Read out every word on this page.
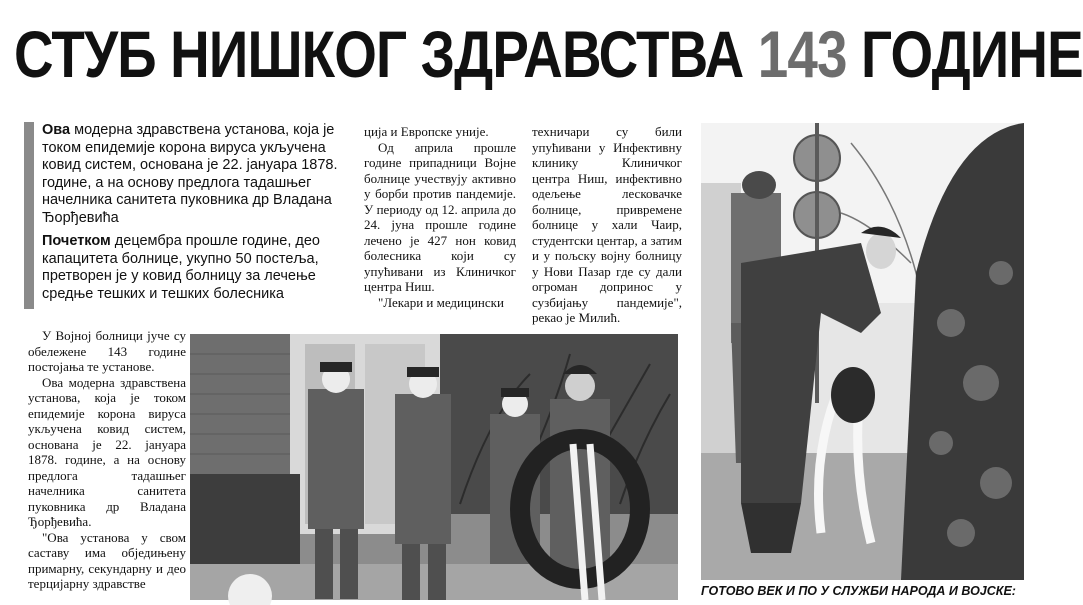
СТУБ НИШКОГ ЗДРАВСТВА 143 ГОДИНЕ

Ова модерна здравствена установа, која је током епидемије корона вируса укључена ковид систем, основана је 22. јануара 1878. године, а на основу предлога тадашњег начелника санитета пуковника др Владана Ђорђевића

Почетком децембра прошле године, део капацитета болнице, укупно 50 постеља, претворен је у ковид болницу за лечење средње тешких и тешких болесника

У Војној болници јуче су обележене 143 године постојања те установе.

Ова модерна здравствена установа, која је током епидемије корона вируса укључена ковид систем, основана је 22. јануара 1878. године, а на основу предлога тадашњег начелника санитета пуковника др Владана Ђорђевића.

"Ова установа у свом саставу има обједињену примарну, секундарну и део терцијарну здравстве

ција и Европске уније.

Од априла прошле године припадници Војне болнице учествују активно у борби против пандемије. У периоду од 12. априла до 24. јуна прошле године лечено је 427 нон ковид болесника који су упућивани из Клиничког центра Ниш.

"Лекари и медицински

техничари су били упућивани у Инфективну клинику Клиничког центра Ниш, инфективно одељење лесковачке болнице, привремене болнице у хали Чаир, студентски центар, а затим и у пољску војну болницу у Нови Пазар где су дали огроман допринос у сузбијању пандемије", рекао је Милић.

ГОТОВО ВЕК И ПО У СЛУЖБИ НАРОДА И ВОЈСКЕ:
